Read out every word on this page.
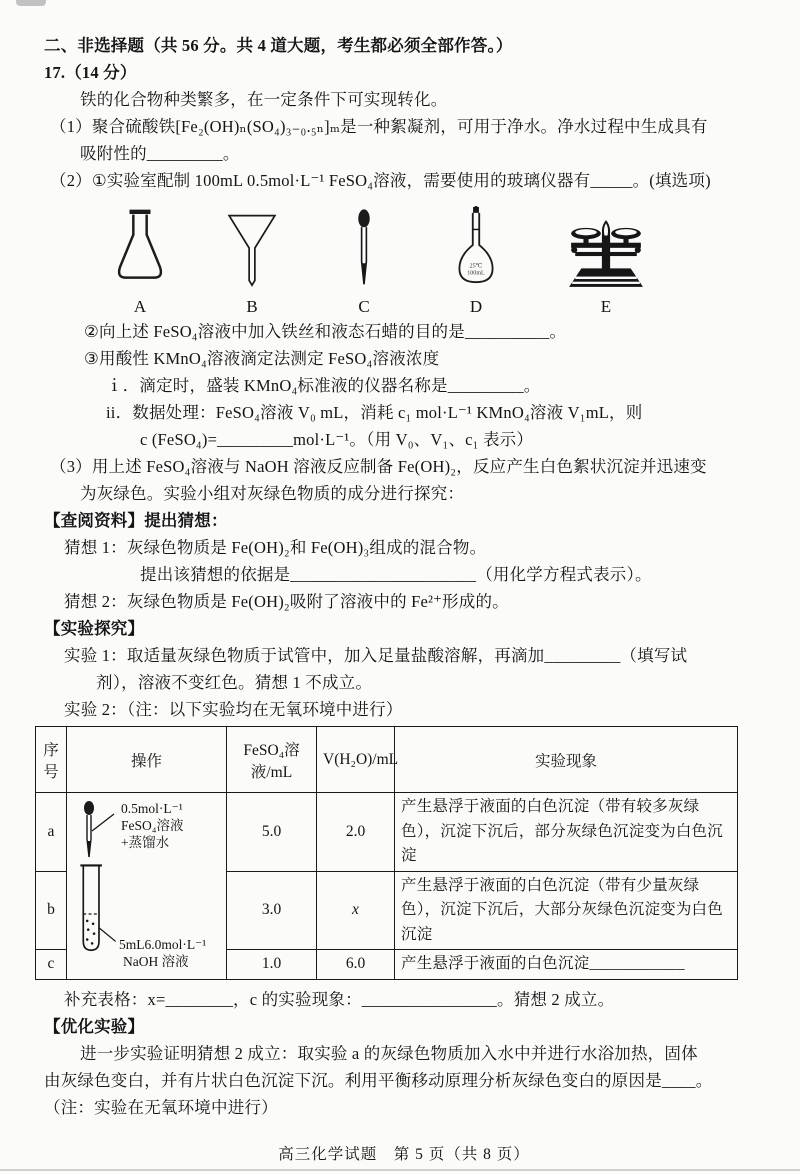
二、非选择题（共 56 分。共 4 道大题，考生都必须全部作答。）

17.（14 分）

铁的化合物种类繁多，在一定条件下可实现转化。

（1）聚合硫酸铁[Fe₂(OH)ₙ(SO₄)₃₋₀.₅ₙ]ₘ是一种絮凝剂，可用于净水。净水过程中生成具有

吸附性的_________。

（2）①实验室配制 100mL 0.5mol·L⁻¹ FeSO₄溶液，需要使用的玻璃仪器有_____。(填选项)

A	B	C
25℃
100mL
D	E

②向上述 FeSO₄溶液中加入铁丝和液态石蜡的目的是__________。

③用酸性 KMnO₄溶液滴定法测定 FeSO₄溶液浓度

ｉ．滴定时，盛装 KMnO₄标准液的仪器名称是_________。

ii．数据处理：FeSO₄溶液 V₀ mL，消耗 c₁ mol·L⁻¹ KMnO₄溶液 V₁mL，则

c (FeSO₄)=_________mol·L⁻¹。（用 V₀、V₁、c₁ 表示）

（3）用上述 FeSO₄溶液与 NaOH 溶液反应制备 Fe(OH)₂，反应产生白色絮状沉淀并迅速变

为灰绿色。实验小组对灰绿色物质的成分进行探究：

【查阅资料】提出猜想：

猜想 1：灰绿色物质是 Fe(OH)₂和 Fe(OH)₃组成的混合物。

提出该猜想的依据是______________________（用化学方程式表示）。

猜想 2：灰绿色物质是 Fe(OH)₂吸附了溶液中的 Fe²⁺形成的。

【实验探究】

实验 1：取适量灰绿色物质于试管中，加入足量盐酸溶解，再滴加_________（填写试

剂），溶液不变红色。猜想 1 不成立。

实验 2：（注：以下实验均在无氧环境中进行）

序号	操作	FeSO₄溶液/mL	V(H₂O)/mL	实验现象
a	0.5mol·L⁻¹
FeSO₄溶液
+蒸馏水
5mL6.0mol·L⁻¹
NaOH 溶液	5.0	2.0	产生悬浮于液面的白色沉淀（带有较多灰绿色），沉淀下沉后，部分灰绿色沉淀变为白色沉淀
b		3.0	x	产生悬浮于液面的白色沉淀（带有少量灰绿色），沉淀下沉后，大部分灰绿色沉淀变为白色沉淀
c		1.0	6.0	产生悬浮于液面的白色沉淀____________

补充表格：x=________，c 的实验现象：________________。猜想 2 成立。

【优化实验】

进一步实验证明猜想 2 成立：取实验 a 的灰绿色物质加入水中并进行水浴加热，固体

由灰绿色变白，并有片状白色沉淀下沉。利用平衡移动原理分析灰绿色变白的原因是____。

（注：实验在无氧环境中进行）

高三化学试题　第 5 页（共 8 页）
